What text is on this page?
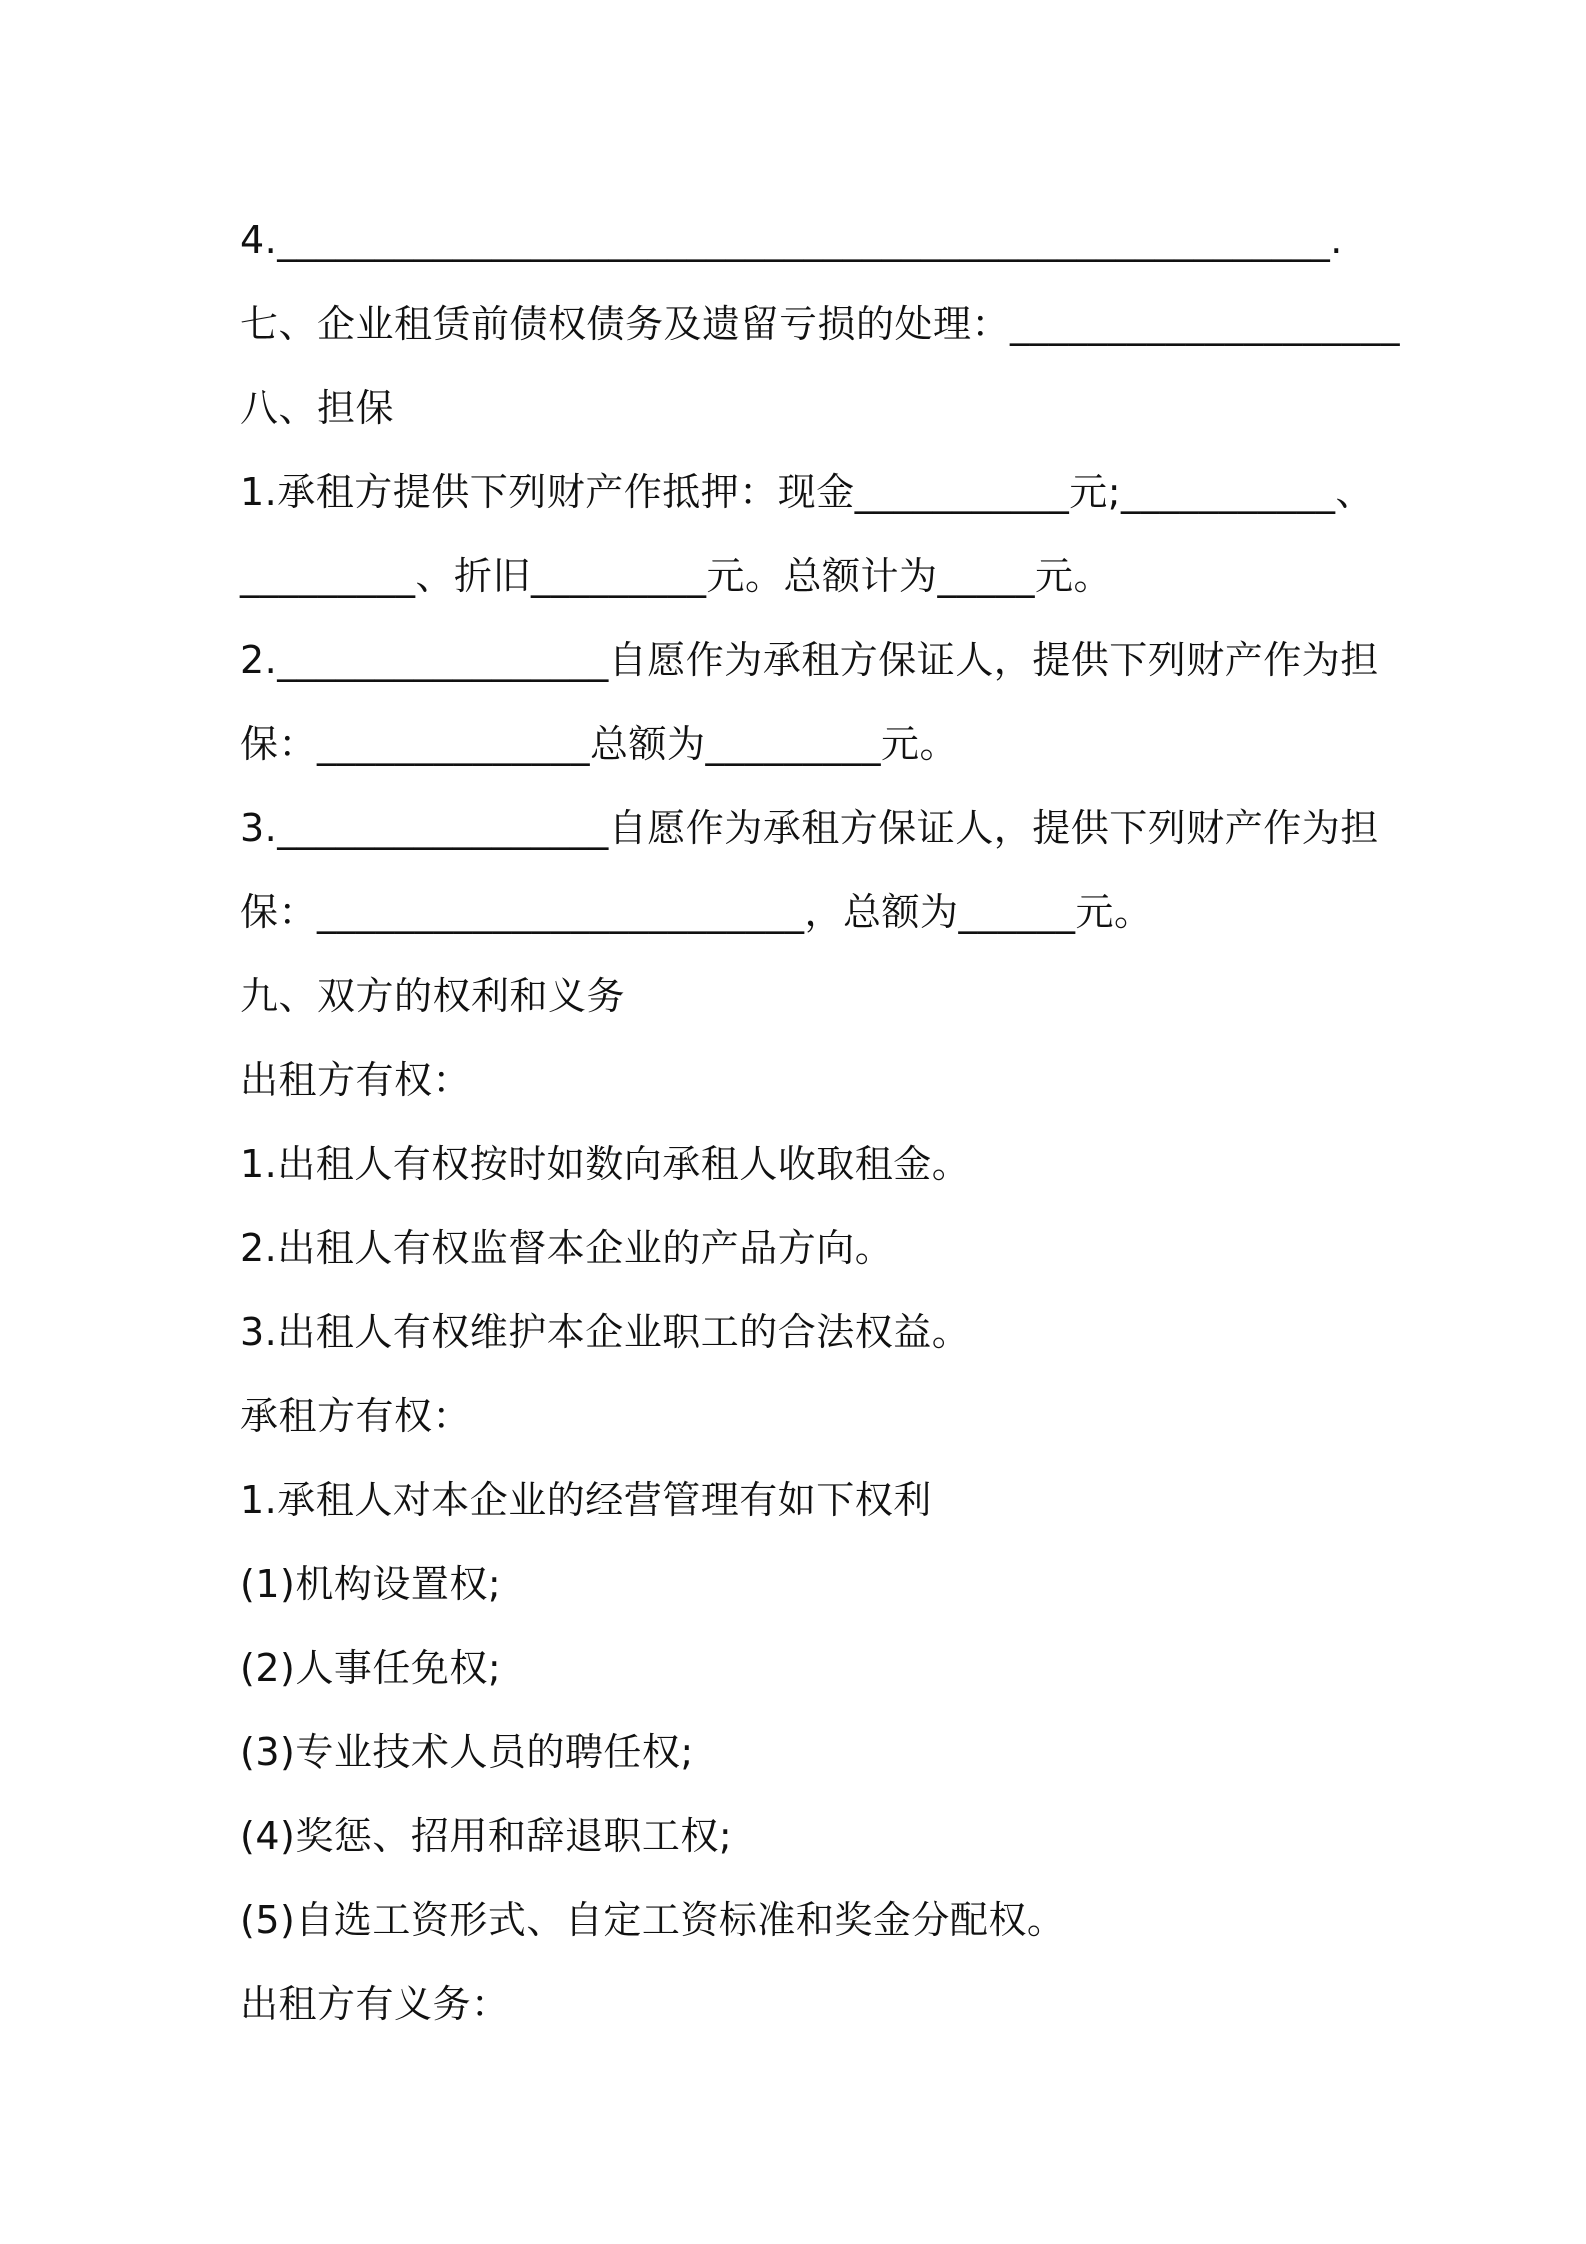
4.______________________________________________________.
七、企业租赁前债权债务及遗留亏损的处理：____________________
八、担保
1.承租方提供下列财产作抵押：现金___________元;___________、
_________、折旧_________元。总额计为_____元。
2._________________自愿作为承租方保证人，提供下列财产作为担
保：______________总额为_________元。
3._________________自愿作为承租方保证人，提供下列财产作为担
保：_________________________，总额为______元。
九、双方的权利和义务
出租方有权：
1.出租人有权按时如数向承租人收取租金。
2.出租人有权监督本企业的产品方向。
3.出租人有权维护本企业职工的合法权益。
承租方有权：
1.承租人对本企业的经营管理有如下权利
(1)机构设置权;
(2)人事任免权;
(3)专业技术人员的聘任权;
(4)奖惩、招用和辞退职工权;
(5)自选工资形式、自定工资标准和奖金分配权。
出租方有义务：
